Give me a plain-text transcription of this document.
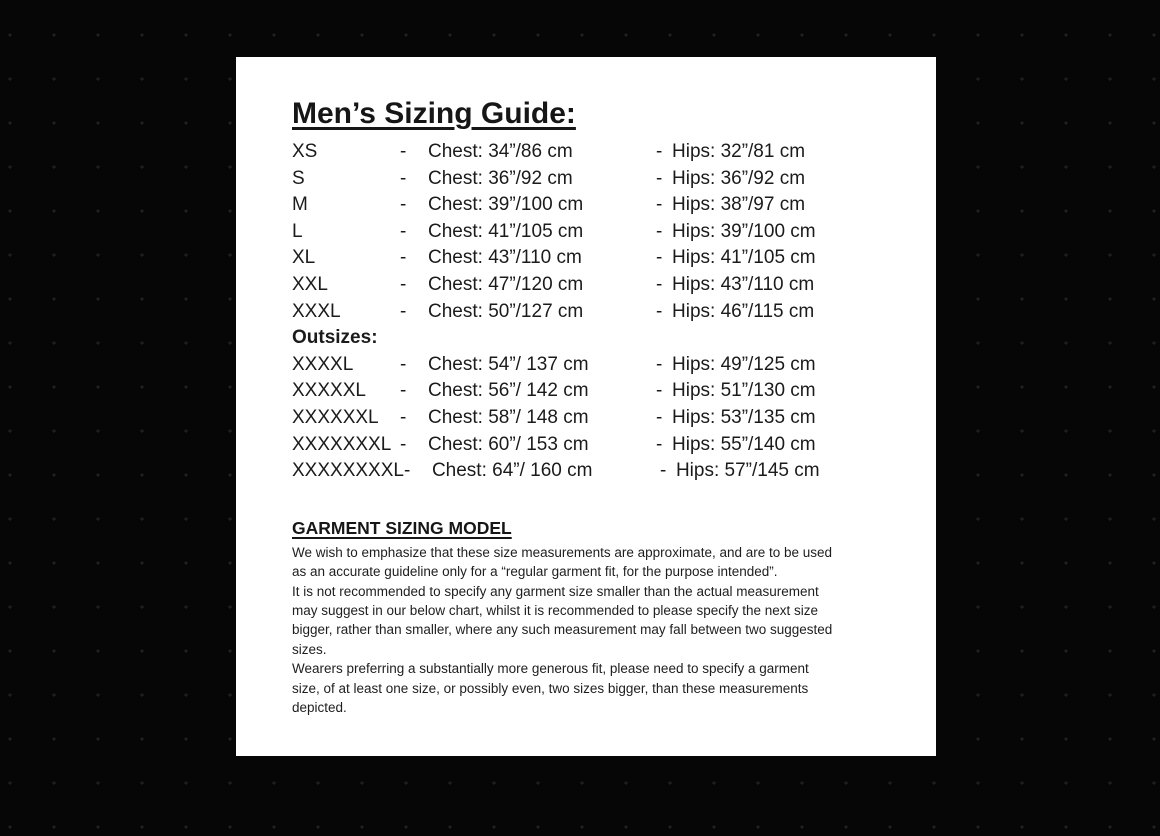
Men’s Sizing Guide:
XS	-	Chest: 34”/86 cm	- Hips: 32”/81 cm
S	-	Chest: 36”/92 cm	- Hips: 36”/92 cm
M	-	Chest: 39”/100 cm	- Hips: 38”/97 cm
L	-	Chest: 41”/105 cm	- Hips: 39”/100 cm
XL	-	Chest: 43”/110 cm	- Hips: 41”/105 cm
XXL	-	Chest: 47”/120 cm	- Hips: 43”/110 cm
XXXL	-	Chest: 50”/127 cm	- Hips: 46”/115 cm
Outsizes:
XXXXL	-	Chest: 54”/ 137 cm	- Hips: 49”/125 cm
XXXXXL	-	Chest: 56”/ 142 cm	- Hips: 51”/130 cm
XXXXXXL	-	Chest: 58”/ 148 cm	- Hips: 53”/135 cm
XXXXXXXL -	Chest: 60”/ 153 cm	- Hips: 55”/140 cm
XXXXXXXXL -	Chest: 64”/ 160 cm	- Hips: 57”/145 cm
GARMENT SIZING MODEL
We wish to emphasize that these size measurements are approximate, and are to be used
as an accurate guideline only for a “regular garment fit, for the purpose intended”.
It is not recommended to specify any garment size smaller than the actual measurement
may suggest in our below chart, whilst it is recommended to please specify the next size
bigger, rather than smaller, where any such measurement may fall between two suggested
sizes.
Wearers preferring a substantially more generous fit, please need to specify a garment
size, of at least one size, or possibly even, two sizes bigger, than these measurements
depicted.
